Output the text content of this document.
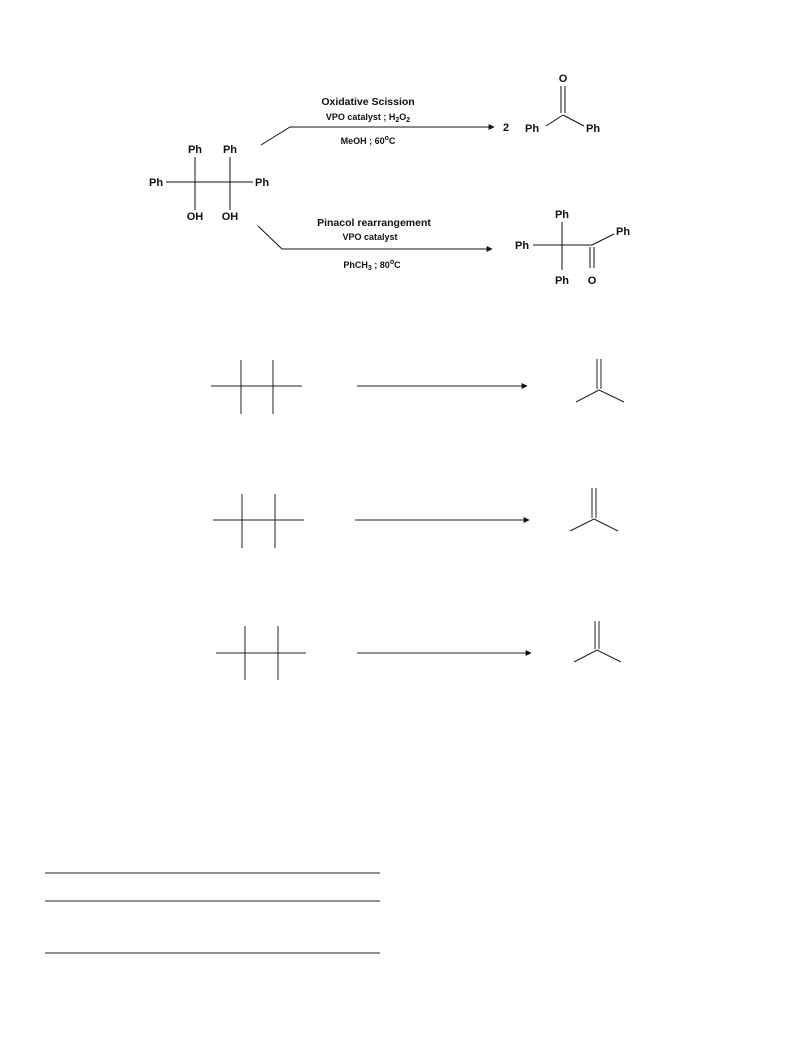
Ph Ph
Ph	Ph
OH OH
Oxidative Scission
VPO catalyst ; $H_2O_2$
MeOH ; 60$^o$C
2
O
Ph	Ph
Pinacol rearrangement
VPO catalyst
PhCH$_3$ ; 80$^o$C
Ph
Ph
Ph
Ph
O
